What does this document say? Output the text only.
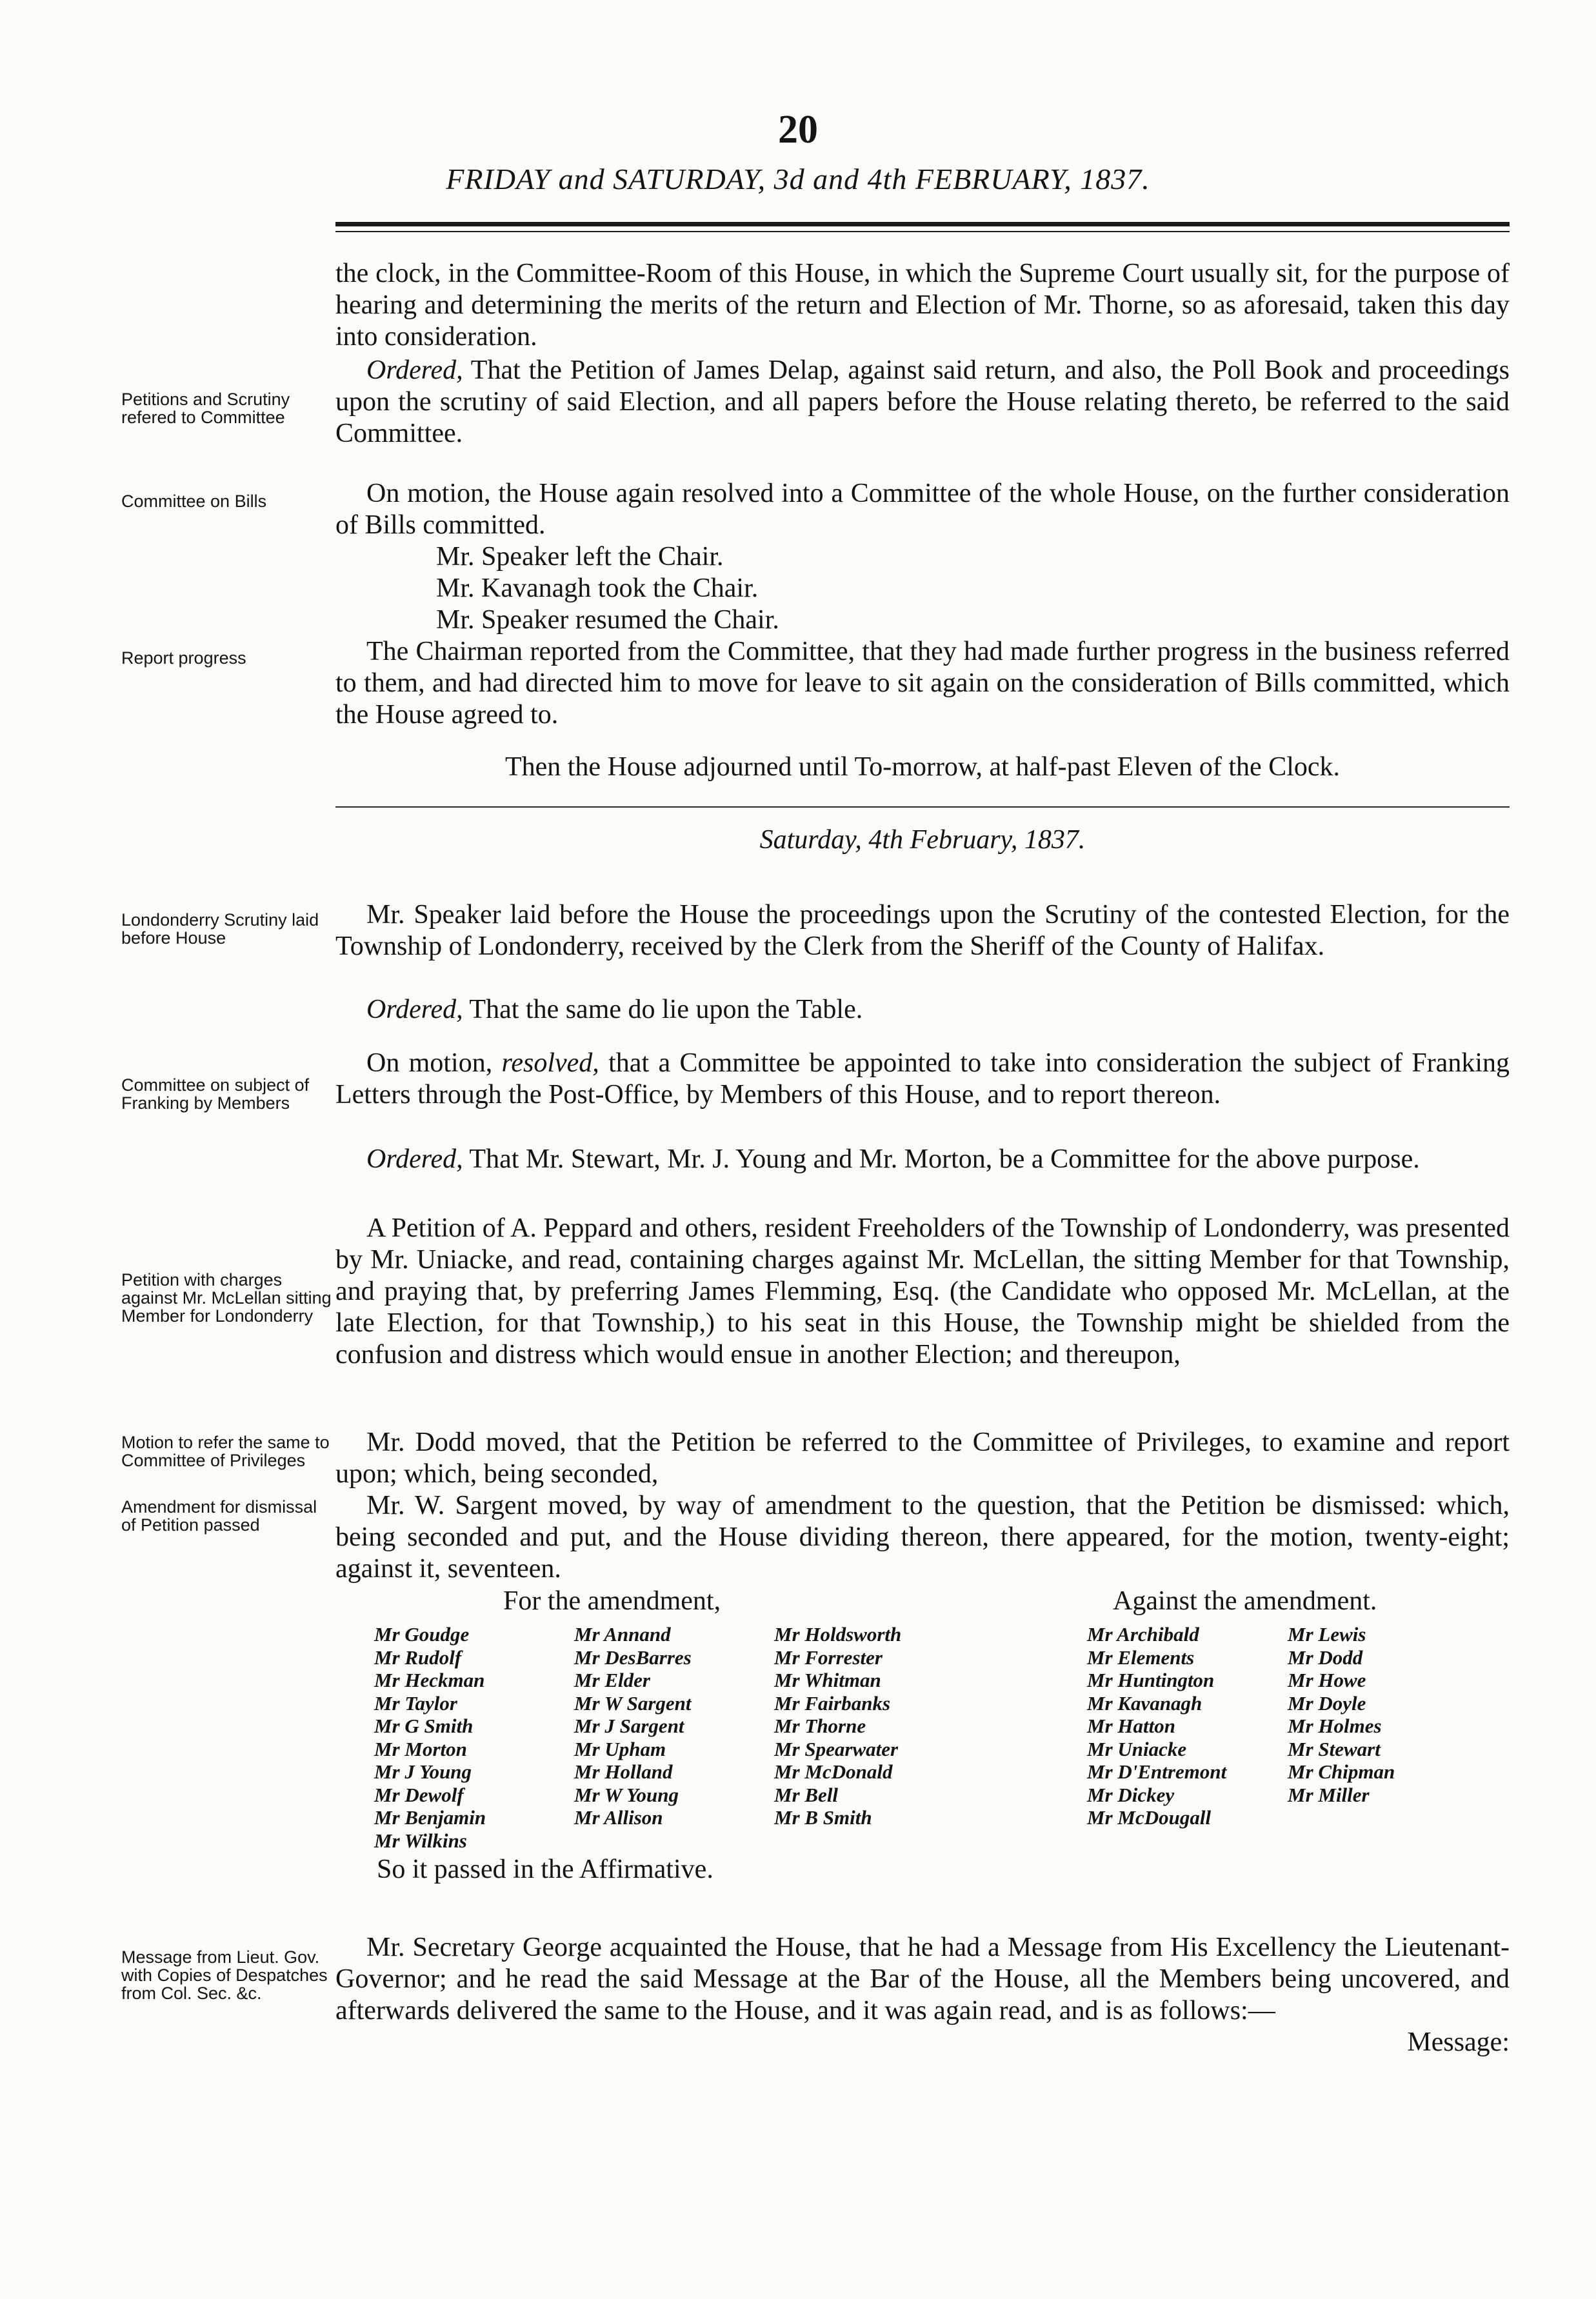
20
FRIDAY and SATURDAY, 3d and 4th FEBRUARY, 1837.
Petitions and Scrutiny refered to Committee
Committee on Bills
Report progress
Londonderry Scrutiny laid before House
Committee on subject of Franking by Members
Petition with charges against Mr. McLellan sitting Member for Londonderry
Motion to refer the same to Committee of Privileges
Amendment for dismissal of Petition passed
Message from Lieut. Gov. with Copies of Despatches from Col. Sec. &c.

the clock, in the Committee-Room of this House, in which the Supreme Court usually sit, for the purpose of hearing and determining the merits of the return and Election of Mr. Thorne, so as aforesaid, taken this day into consideration.

Ordered, That the Petition of James Delap, against said return, and also, the Poll Book and proceedings upon the scrutiny of said Election, and all papers before the House relating thereto, be referred to the said Committee.

On motion, the House again resolved into a Committee of the whole House, on the further consideration of Bills committed.

Mr. Speaker left the Chair.
Mr. Kavanagh took the Chair.
Mr. Speaker resumed the Chair.

The Chairman reported from the Committee, that they had made further progress in the business referred to them, and had directed him to move for leave to sit again on the consideration of Bills committed, which the House agreed to.

Then the House adjourned until To-morrow, at half-past Eleven of the Clock.
Saturday, 4th February, 1837.

Mr. Speaker laid before the House the proceedings upon the Scrutiny of the contested Election, for the Township of Londonderry, received by the Clerk from the Sheriff of the County of Halifax.

Ordered, That the same do lie upon the Table.

On motion, resolved, that a Committee be appointed to take into consideration the subject of Franking Letters through the Post-Office, by Members of this House, and to report thereon.

Ordered, That Mr. Stewart, Mr. J. Young and Mr. Morton, be a Committee for the above purpose.

A Petition of A. Peppard and others, resident Freeholders of the Township of Londonderry, was presented by Mr. Uniacke, and read, containing charges against Mr. McLellan, the sitting Member for that Township, and praying that, by preferring James Flemming, Esq. (the Candidate who opposed Mr. McLellan, at the late Election, for that Township,) to his seat in this House, the Township might be shielded from the confusion and distress which would ensue in another Election; and thereupon,

Mr. Dodd moved, that the Petition be referred to the Committee of Privileges, to examine and report upon; which, being seconded,

Mr. W. Sargent moved, by way of amendment to the question, that the Petition be dismissed: which, being seconded and put, and the House dividing thereon, there appeared, for the motion, twenty-eight; against it, seventeen.

For the amendment,	Against the amendment.
Mr Goudge
Mr Rudolf
Mr Heckman
Mr Taylor
Mr G Smith
Mr Morton
Mr J Young
Mr Dewolf
Mr Benjamin
Mr Wilkins
Mr Annand
Mr DesBarres
Mr Elder
Mr W Sargent
Mr J Sargent
Mr Upham
Mr Holland
Mr W Young
Mr Allison
Mr Holdsworth
Mr Forrester
Mr Whitman
Mr Fairbanks
Mr Thorne
Mr Spearwater
Mr McDonald
Mr Bell
Mr B Smith
Mr Archibald
Mr Elements
Mr Huntington
Mr Kavanagh
Mr Hatton
Mr Uniacke
Mr D'Entremont
Mr Dickey
Mr McDougall
Mr Lewis
Mr Dodd
Mr Howe
Mr Doyle
Mr Holmes
Mr Stewart
Mr Chipman
Mr Miller
So it passed in the Affirmative.

Mr. Secretary George acquainted the House, that he had a Message from His Excellency the Lieutenant-Governor; and he read the said Message at the Bar of the House, all the Members being uncovered, and afterwards delivered the same to the House, and it was again read, and is as follows:—

Message:
